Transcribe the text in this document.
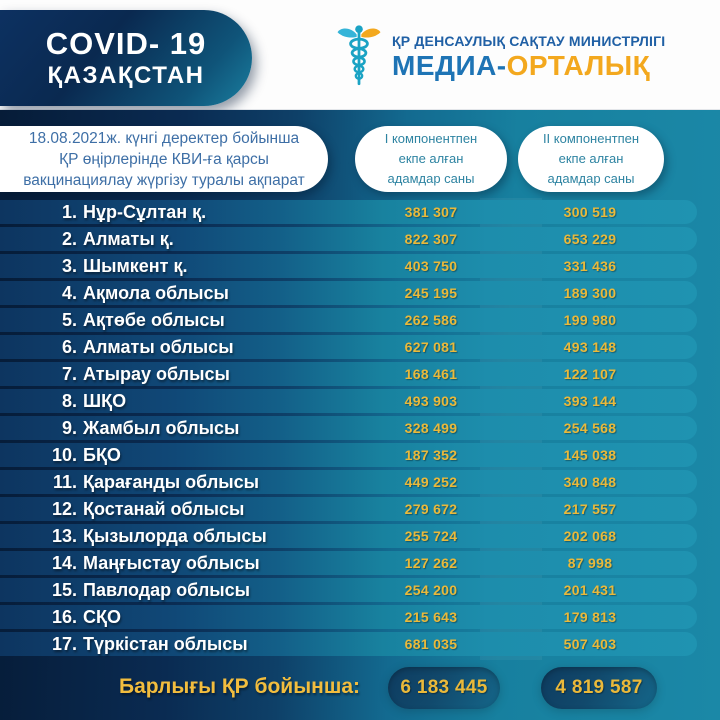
COVID- 19
ҚАЗАҚСТАН
ҚР ДЕНСАУЛЫҚ САҚТАУ МИНИСТРЛІГІ
МЕДИА-ОРТАЛЫҚ
18.08.2021ж. күнгі деректер бойынша
ҚР өңірлерінде КВИ-ға қарсы
вакцинациялау жүргізу туралы ақпарат
I компонентпен
екпе алған
адамдар саны
II компонентпен
екпе алған
адамдар саны
1. Нұр-Сұлтан қ.	381 307	300 519
2. Алматы қ.	822 307	653 229
3. Шымкент қ.	403 750	331 436
4. Ақмола облысы	245 195	189 300
5. Ақтөбе облысы	262 586	199 980
6. Алматы облысы	627 081	493 148
7. Атырау облысы	168 461	122 107
8. ШҚО	493 903	393 144
9. Жамбыл облысы	328 499	254 568
10. БҚО	187 352	145 038
11. Қарағанды облысы	449 252	340 848
12. Қостанай облысы	279 672	217 557
13. Қызылорда облысы	255 724	202 068
14. Маңғыстау облысы	127 262	87 998
15. Павлодар облысы	254 200	201 431
16. СҚО	215 643	179 813
17. Түркістан облысы	681 035	507 403
Барлығы ҚР бойынша:	6 183 445	4 819 587
